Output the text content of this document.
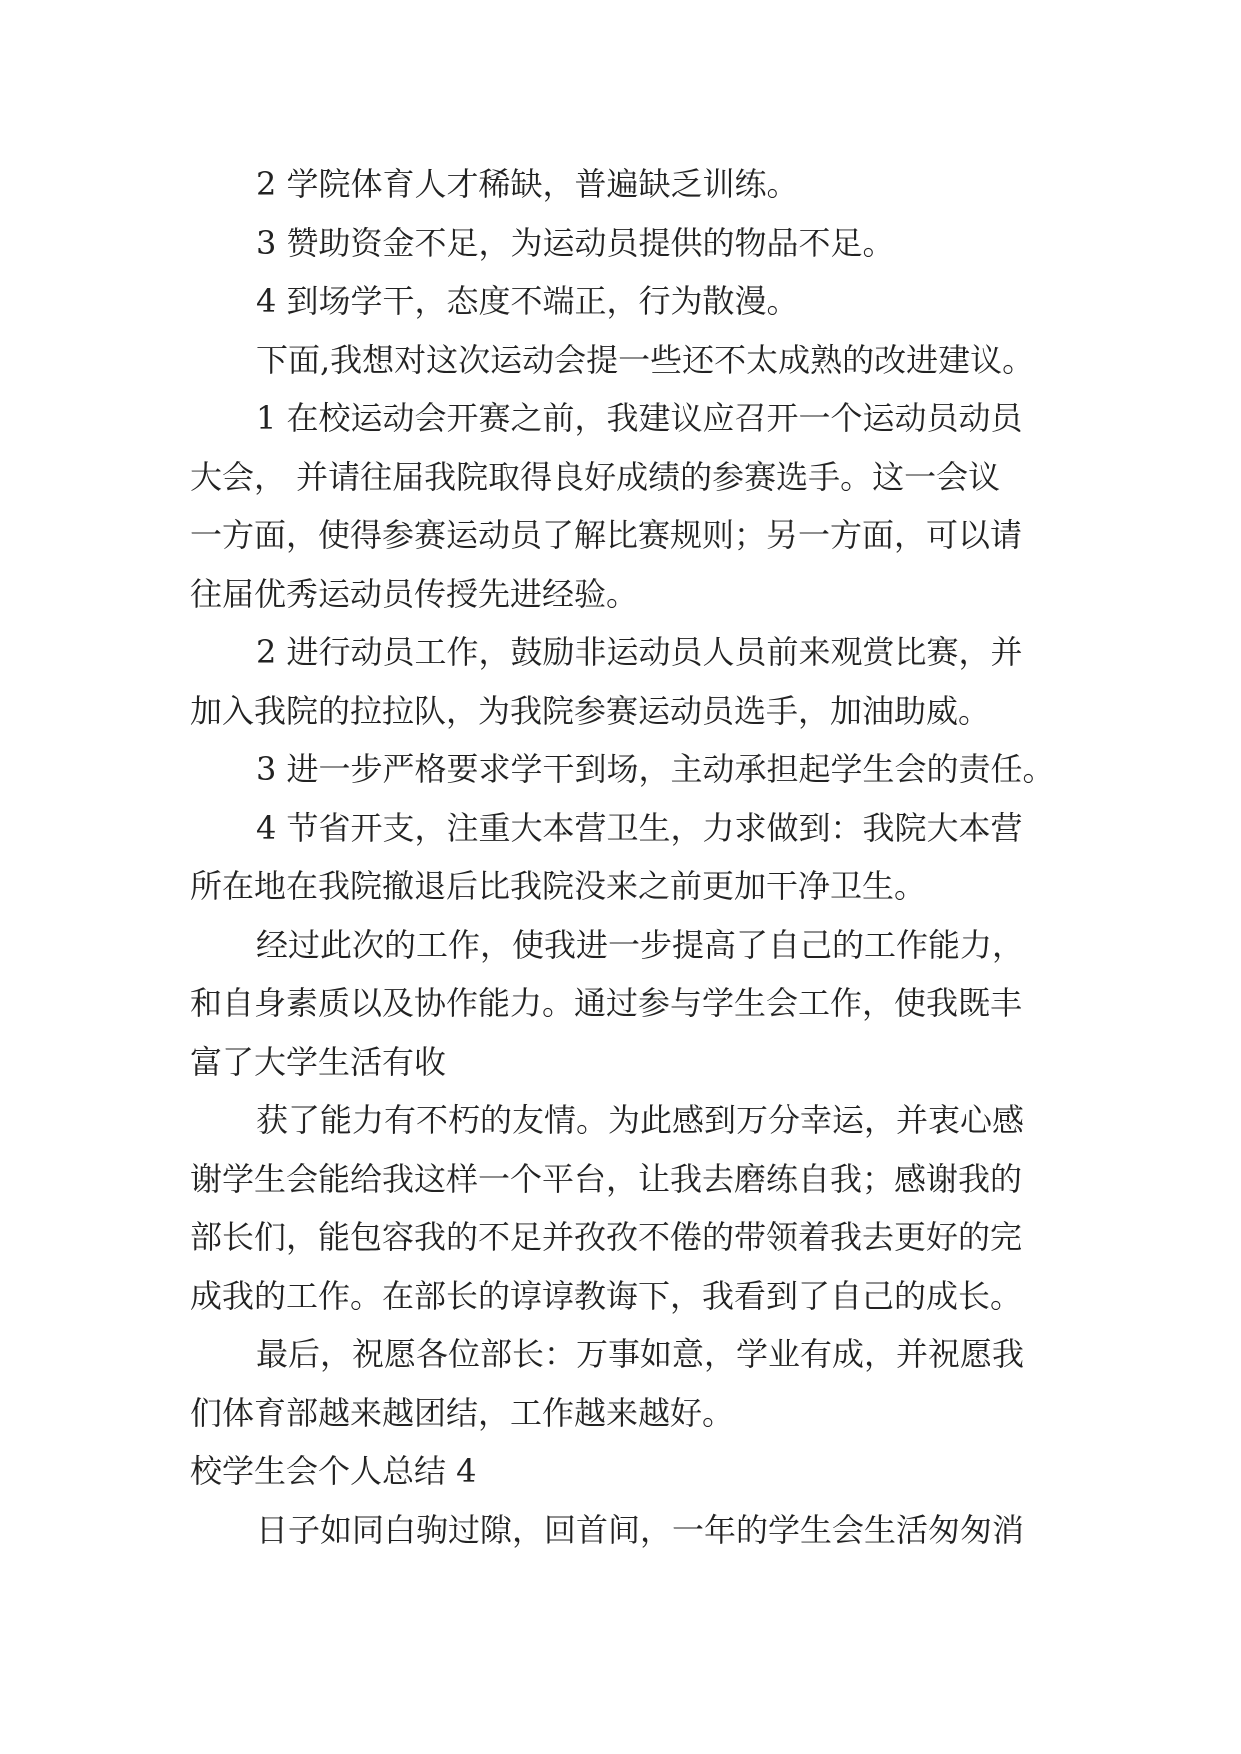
2 学院体育人才稀缺，普遍缺乏训练。
3 赞助资金不足，为运动员提供的物品不足。
4 到场学干，态度不端正，行为散漫。
下面,我想对这次运动会提一些还不太成熟的改进建议。
1 在校运动会开赛之前，我建议应召开一个运动员动员
大会， 并请往届我院取得良好成绩的参赛选手。这一会议
一方面，使得参赛运动员了解比赛规则；另一方面，可以请
往届优秀运动员传授先进经验。
2 进行动员工作，鼓励非运动员人员前来观赏比赛，并
加入我院的拉拉队，为我院参赛运动员选手，加油助威。
3 进一步严格要求学干到场，主动承担起学生会的责任。
4 节省开支，注重大本营卫生，力求做到：我院大本营
所在地在我院撤退后比我院没来之前更加干净卫生。
经过此次的工作，使我进一步提高了自己的工作能力，
和自身素质以及协作能力。通过参与学生会工作，使我既丰
富了大学生活有收
获了能力有不朽的友情。为此感到万分幸运，并衷心感
谢学生会能给我这样一个平台，让我去磨练自我；感谢我的
部长们，能包容我的不足并孜孜不倦的带领着我去更好的完
成我的工作。在部长的谆谆教诲下，我看到了自己的成长。
最后，祝愿各位部长：万事如意，学业有成，并祝愿我
们体育部越来越团结，工作越来越好。
校学生会个人总结 4
日子如同白驹过隙，回首间，一年的学生会生活匆匆消
